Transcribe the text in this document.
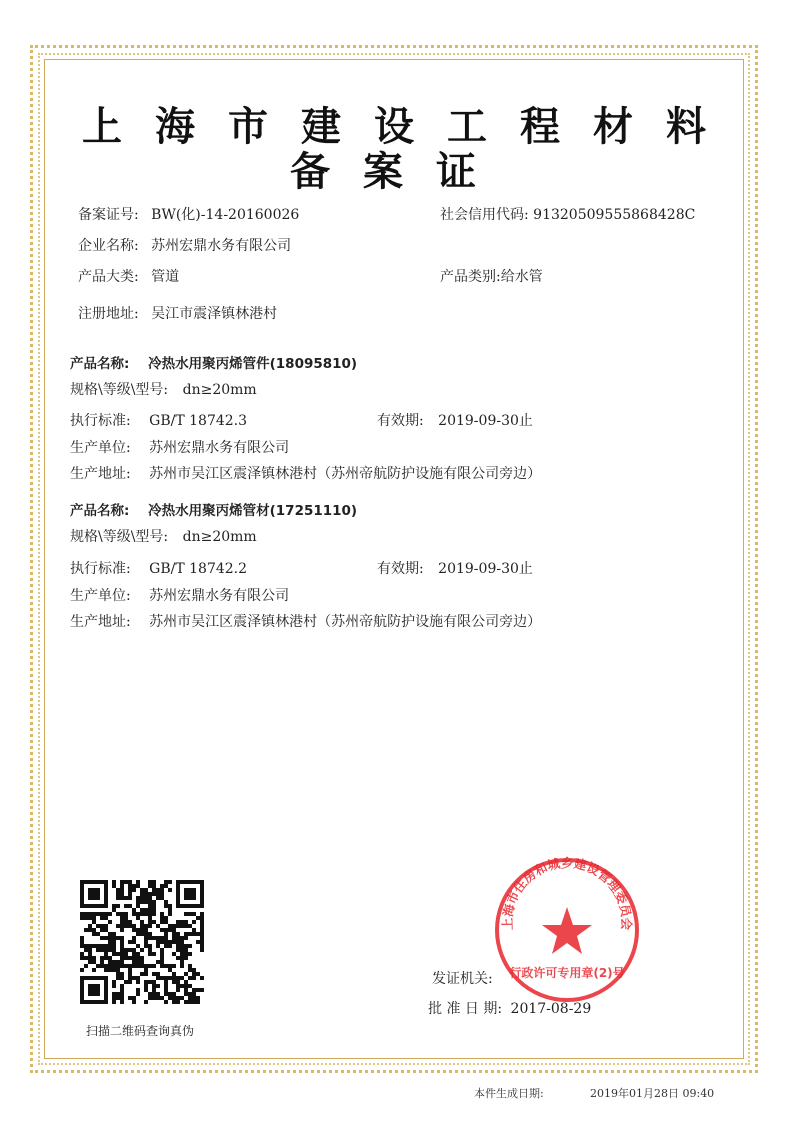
上海市建设工程材料
备案证
备案证号: BW(化)-14-20160026	社会信用代码: 91320509555868428C
企业名称: 苏州宏鼎水务有限公司
产品大类: 管道	产品类别:给水管
注册地址: 吴江市震泽镇林港村
产品名称: 冷热水用聚丙烯管件(18095810)
规格\等级\型号: dn≥20mm
执行标准: GB/T 18742.3	有效期: 2019-09-30止
生产单位: 苏州宏鼎水务有限公司
生产地址: 苏州市吴江区震泽镇林港村（苏州帝航防护设施有限公司旁边）
产品名称: 冷热水用聚丙烯管材(17251110)
规格\等级\型号: dn≥20mm
执行标准: GB/T 18742.2	有效期: 2019-09-30止
生产单位: 苏州宏鼎水务有限公司
生产地址: 苏州市吴江区震泽镇林港村（苏州帝航防护设施有限公司旁边）
扫描二维码查询真伪
发证机关:
批 准 日 期: 2017-08-29
上海市住房和城乡建设管理委员会
行政许可专用章(2)号
本件生成日期:	2019年01月28日 09:40
